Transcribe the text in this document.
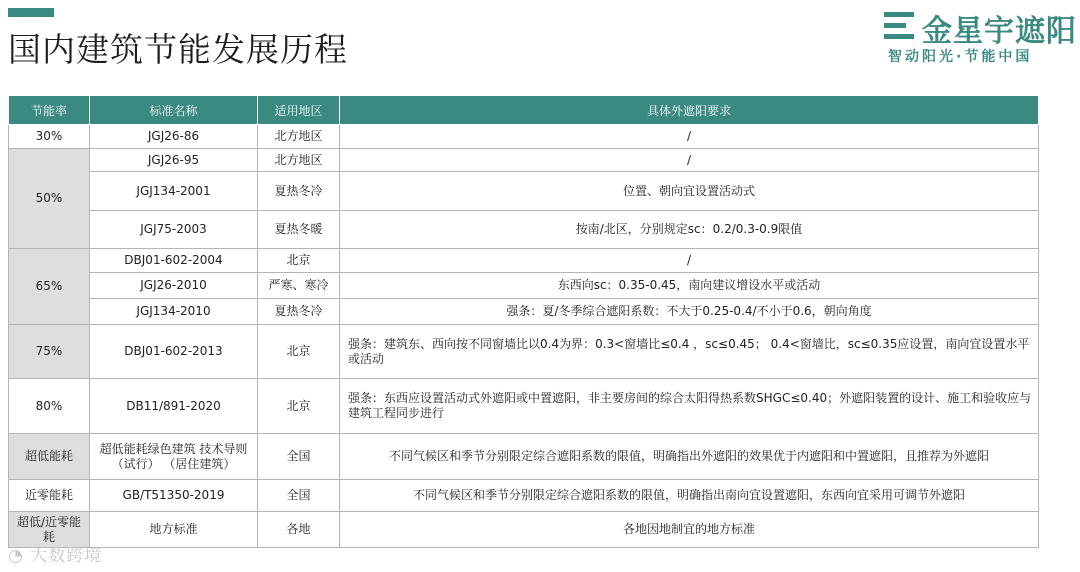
国内建筑节能发展历程	金星宇遮阳
智动阳光·节能中国
节能率	标准名称	适用地区	具体外遮阳要求
30%	JGJ26-86	北方地区	/
50%	JGJ26-95	北方地区	/
	JGJ134-2001	夏热冬冷	位置、朝向宜设置活动式
	JGJ75-2003	夏热冬暖	按南/北区，分别规定sc：0.2/0.3-0.9限值
65%	DBJ01-602-2004	北京	/
	JGJ26-2010	严寒、寒冷	东西向sc：0.35-0.45，南向建议增设水平或活动
	JGJ134-2010	夏热冬冷	强条：夏/冬季综合遮阳系数：不大于0.25-0.4/不小于0.6，朝向角度
75%	DBJ01-602-2013	北京	强条：建筑东、西向按不同窗墙比以0.4为界：0.3<窗墙比≤0.4 ，sc≤0.45； 0.4<窗墙比，sc≤0.35应设置，南向宜设置水平或活动
80%	DB11/891-2020	北京	强条：东西应设置活动式外遮阳或中置遮阳，非主要房间的综合太阳得热系数SHGC≤0.40；外遮阳装置的设计、施工和验收应与建筑工程同步进行
超低能耗	超低能耗绿色建筑 技术导则（试行） （居住建筑）	全国	不同气候区和季节分别限定综合遮阳系数的限值，明确指出外遮阳的效果优于内遮阳和中置遮阳，且推荐为外遮阳
近零能耗	GB/T51350-2019	全国	不同气候区和季节分别限定综合遮阳系数的限值，明确指出南向宜设置遮阳，东西向宜采用可调节外遮阳
超低/近零能耗	地方标准	各地	各地因地制宜的地方标准
◔ 大数跨境
